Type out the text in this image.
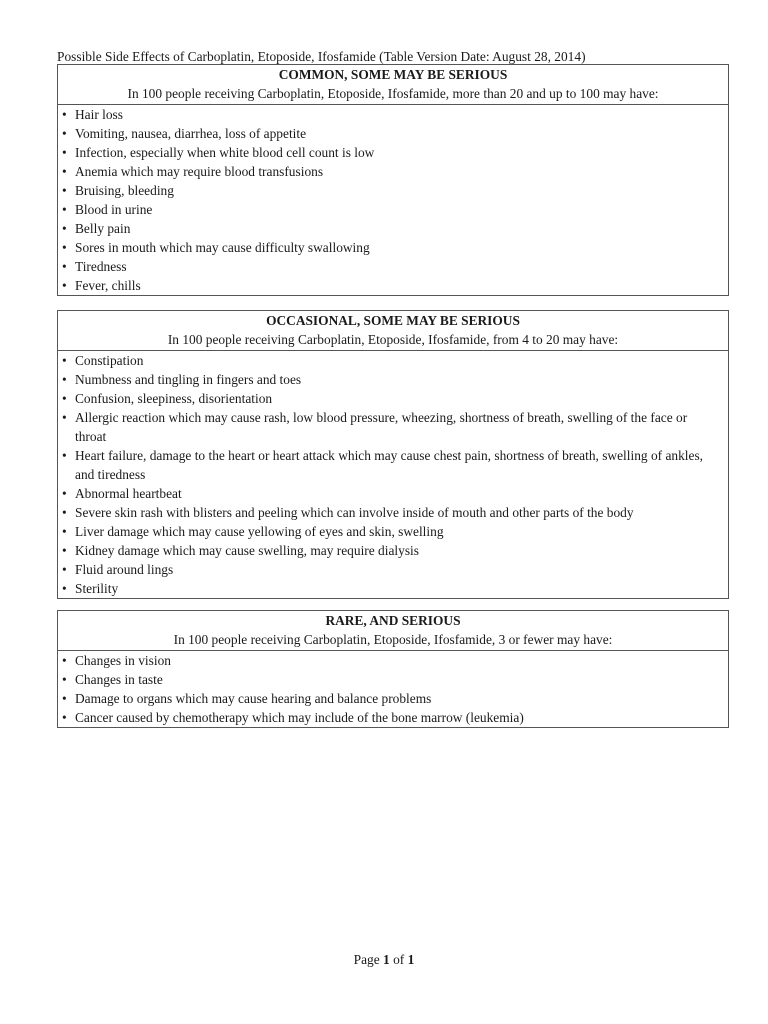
Possible Side Effects of Carboplatin, Etoposide, Ifosfamide (Table Version Date: August 28, 2014)
COMMON, SOME MAY BE SERIOUS
In 100 people receiving Carboplatin, Etoposide, Ifosfamide, more than 20 and up to 100 may have:
• Hair loss
• Vomiting, nausea, diarrhea, loss of appetite
• Infection, especially when white blood cell count is low
• Anemia which may require blood transfusions
• Bruising, bleeding
• Blood in urine
• Belly pain
• Sores in mouth which may cause difficulty swallowing
• Tiredness
• Fever, chills
OCCASIONAL, SOME MAY BE SERIOUS
In 100 people receiving Carboplatin, Etoposide, Ifosfamide, from 4 to 20 may have:
• Constipation
• Numbness and tingling in fingers and toes
• Confusion, sleepiness, disorientation
• Allergic reaction which may cause rash, low blood pressure, wheezing, shortness of breath, swelling of the face or throat
• Heart failure, damage to the heart or heart attack which may cause chest pain, shortness of breath, swelling of ankles, and tiredness
• Abnormal heartbeat
• Severe skin rash with blisters and peeling which can involve inside of mouth and other parts of the body
• Liver damage which may cause yellowing of eyes and skin, swelling
• Kidney damage which may cause swelling, may require dialysis
• Fluid around lings
• Sterility
RARE, AND SERIOUS
In 100 people receiving Carboplatin, Etoposide, Ifosfamide, 3 or fewer may have:
• Changes in vision
• Changes in taste
• Damage to organs which may cause hearing and balance problems
• Cancer caused by chemotherapy which may include of the bone marrow (leukemia)
Page 1 of 1
